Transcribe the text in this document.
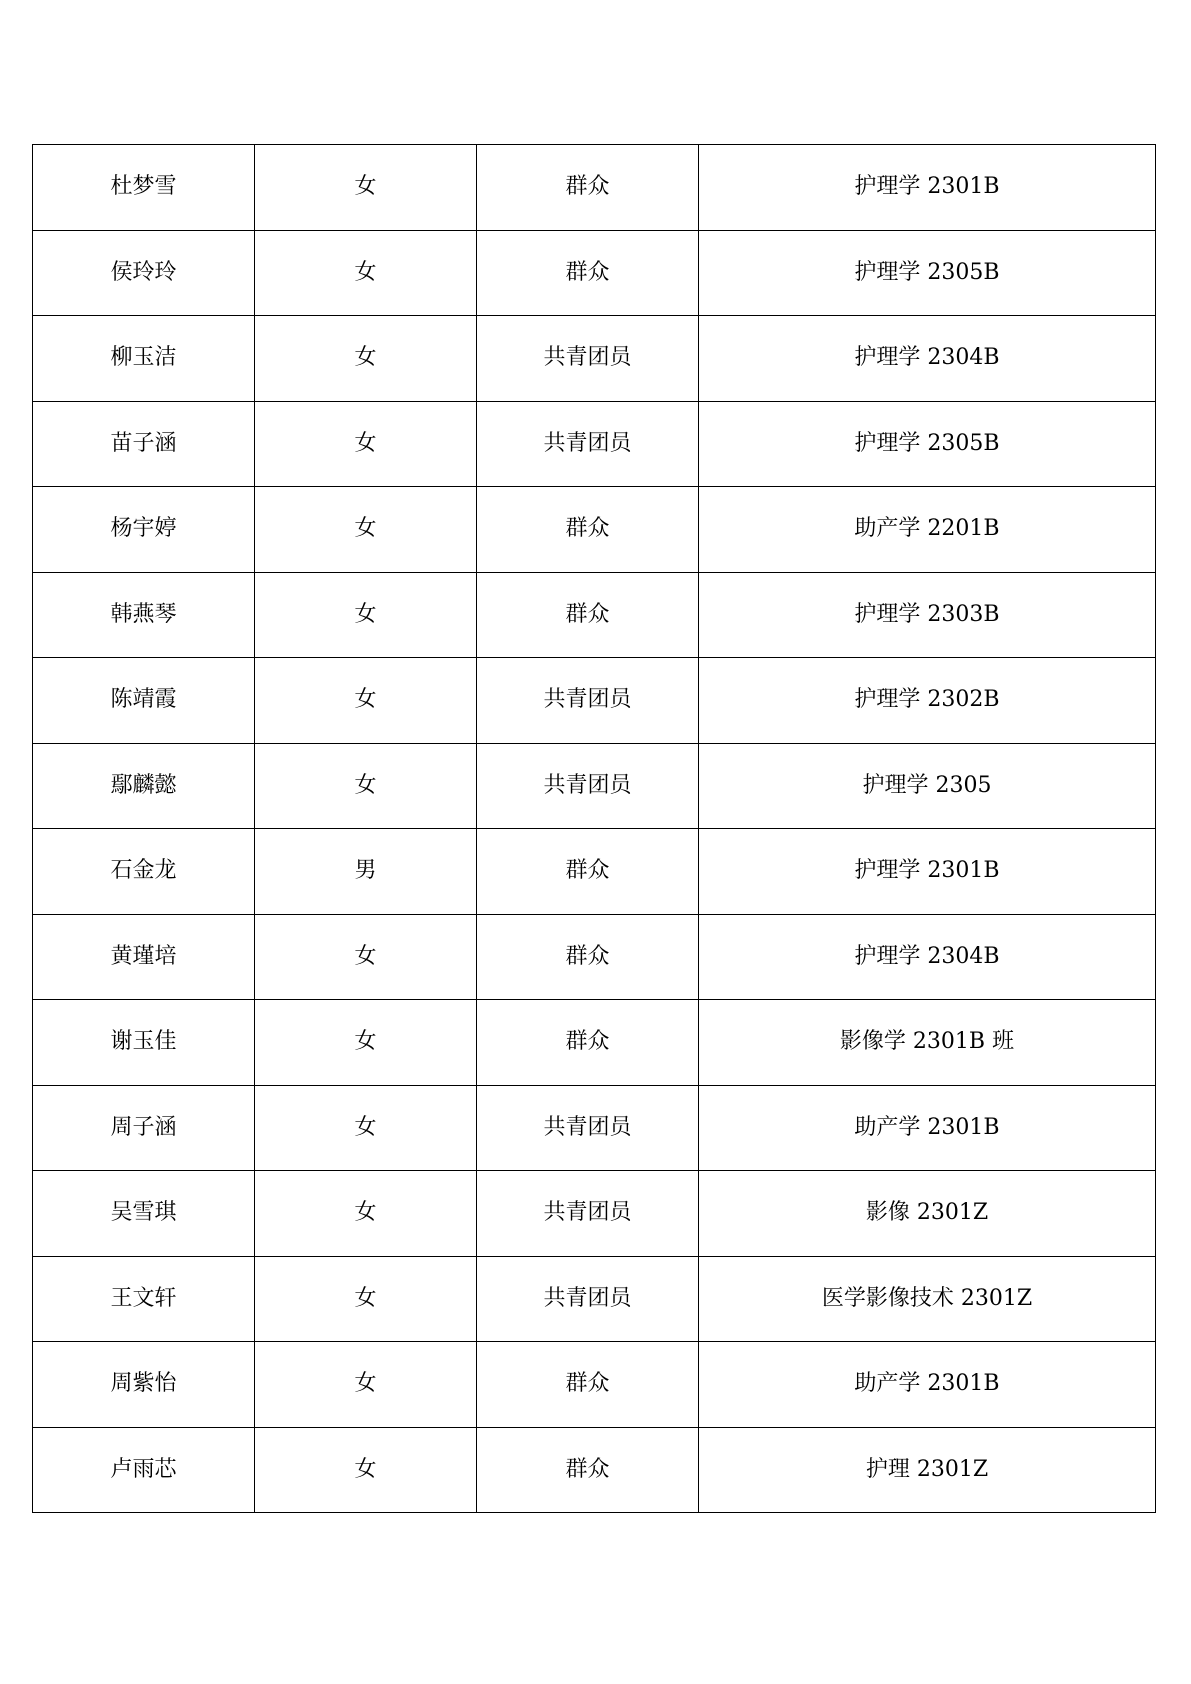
杜梦雪	女	群众	护理学 2301B
侯玲玲	女	群众	护理学 2305B
柳玉洁	女	共青团员	护理学 2304B
苗子涵	女	共青团员	护理学 2305B
杨宇婷	女	群众	助产学 2201B
韩燕琴	女	群众	护理学 2303B
陈靖霞	女	共青团员	护理学 2302B
鄢麟懿	女	共青团员	护理学 2305
石金龙	男	群众	护理学 2301B
黄瑾培	女	群众	护理学 2304B
谢玉佳	女	群众	影像学 2301B 班
周子涵	女	共青团员	助产学 2301B
吴雪琪	女	共青团员	影像 2301Z
王文轩	女	共青团员	医学影像技术 2301Z
周紫怡	女	群众	助产学 2301B
卢雨芯	女	群众	护理 2301Z
